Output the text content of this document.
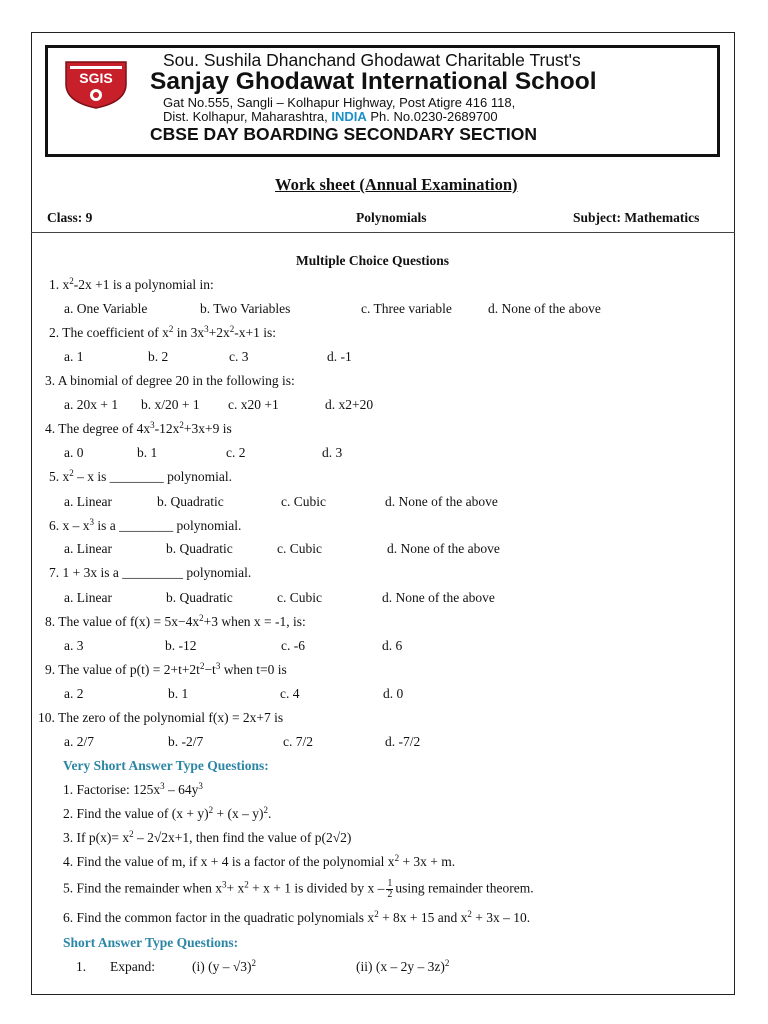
SGIS
Sou. Sushila Dhanchand Ghodawat Charitable Trust's
Sanjay Ghodawat International School
Gat No.555, Sangli – Kolhapur Highway, Post Atigre 416 118,
Dist. Kolhapur, Maharashtra, INDIA Ph. No.0230-2689700
CBSE DAY BOARDING SECONDARY SECTION
Work sheet (Annual Examination)
Class: 9	Polynomials	Subject: Mathematics
Multiple Choice Questions
1. $x^2-2x +1$ is a polynomial in:
a. One Variable	b. Two Variables	c. Three variable	d. None of the above
2. The coefficient of $x^2$ in $3x^3+2x^2-x+1$ is:
a. 1	b. 2	c. 3	d. -1
3. A binomial of degree 20 in the following is:
a. 20x + 1 b. x/20 + 1 c. x20 +1	d. x2+20
4. The degree of $4x^3-12x^2+3x+9$ is
a. 0	b. 1	c. 2	d. 3
5. $x^2$ – x is ________ polynomial.
a. Linear	b. Quadratic	c. Cubic	d. None of the above
6. x – $x^3$ is a ________ polynomial.
a. Linear	b. Quadratic	c. Cubic	d. None of the above
7. 1 + 3x is a _________ polynomial.
a. Linear	b. Quadratic	c. Cubic	d. None of the above
8. The value of $f(x) = 5x-4x^2+3$ when x = -1, is:
a. 3	b. -12	c. -6	d. 6
9. The value of $p(t) = 2+t+2t^2-t^3$ when t=0 is
a. 2	b. 1	c. 4	d. 0
10. The zero of the polynomial f(x) = 2x+7 is
a. 2/7	b. -2/7	c. 7/2	d. -7/2
Very Short Answer Type Questions:
1. Factorise: $125x^3 - 64y^3$
2. Find the value of $(x + y)^2 + (x - y)^2$.
3. If $p(x)= x^2 - 2√2x+1$, then find the value of p(2√2)
4. Find the value of m, if x + 4 is a factor of the polynomial $x^2 + 3x + m$.
5. Find the remainder when $x^3+ x^2 + x + 1$ is divided by x – $\frac{1}{2}$ using remainder theorem.
6. Find the common factor in the quadratic polynomials $x^2 + 8x + 15$ and $x^2 + 3x - 10$.
Short Answer Type Questions:
1. Expand:	(i) (y – √3)$^2$	(ii) (x – 2y – 3z)$^2$
